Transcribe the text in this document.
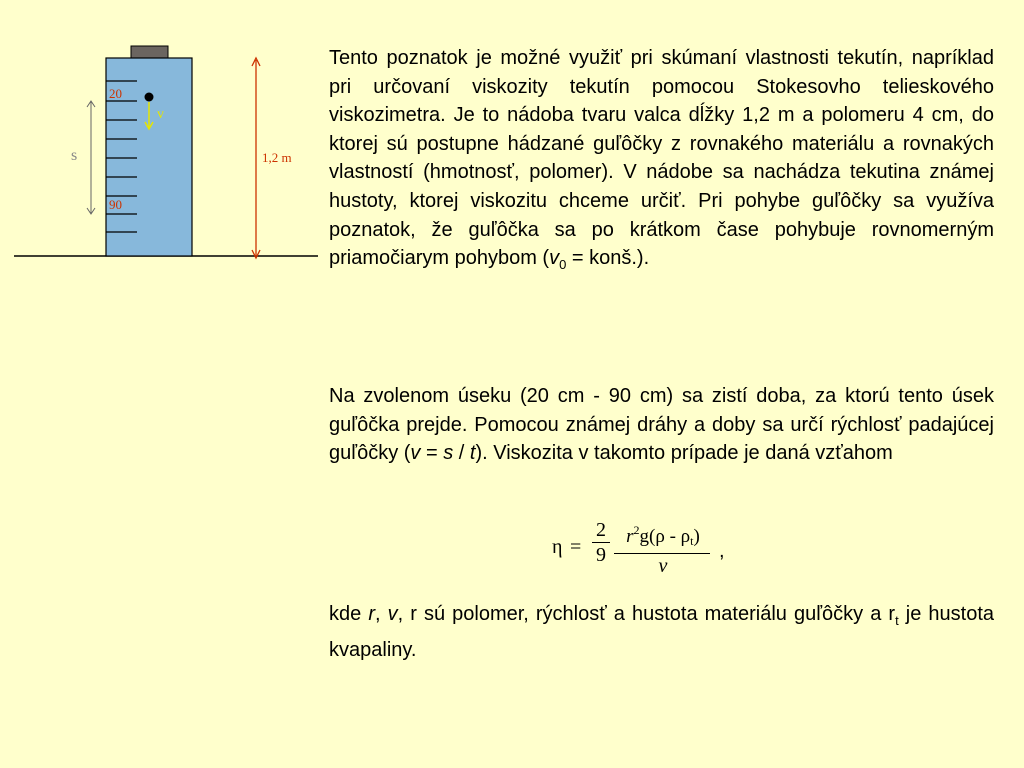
20
90
s
v
1,2 m
Tento poznatok je možné využiť pri skúmaní vlastnosti tekutín, napríklad pri určovaní viskozity tekutín pomocou Stokesovho telieskového viskozimetra. Je to nádoba tvaru valca dĺžky 1,2 m a polomeru 4 cm, do ktorej sú postupne hádzané guľôčky z rovnakého materiálu a rovnakých vlastností (hmotnosť, polomer). V nádobe sa nachádza tekutina známej hustoty, ktorej viskozitu chceme určiť. Pri pohybe guľôčky sa využíva poznatok, že guľôčka sa po krátkom čase pohybuje rovnomerným priamočiarym pohybom ($v_0$ = konš.).
Na zvolenom úseku (20 cm - 90 cm) sa zistí doba, za ktorú tento úsek guľôčka prejde. Pomocou známej dráhy a doby sa určí rýchlosť padajúcej guľôčky (v = s / t). Viskozita v takomto prípade je daná vzťahom
η =
2
9
$r^2g(\rho - \rho t)$
v
,
kde r, v, r sú polomer, rýchlosť a hustota materiálu guľôčky a $r_t$ je hustota kvapaliny.
